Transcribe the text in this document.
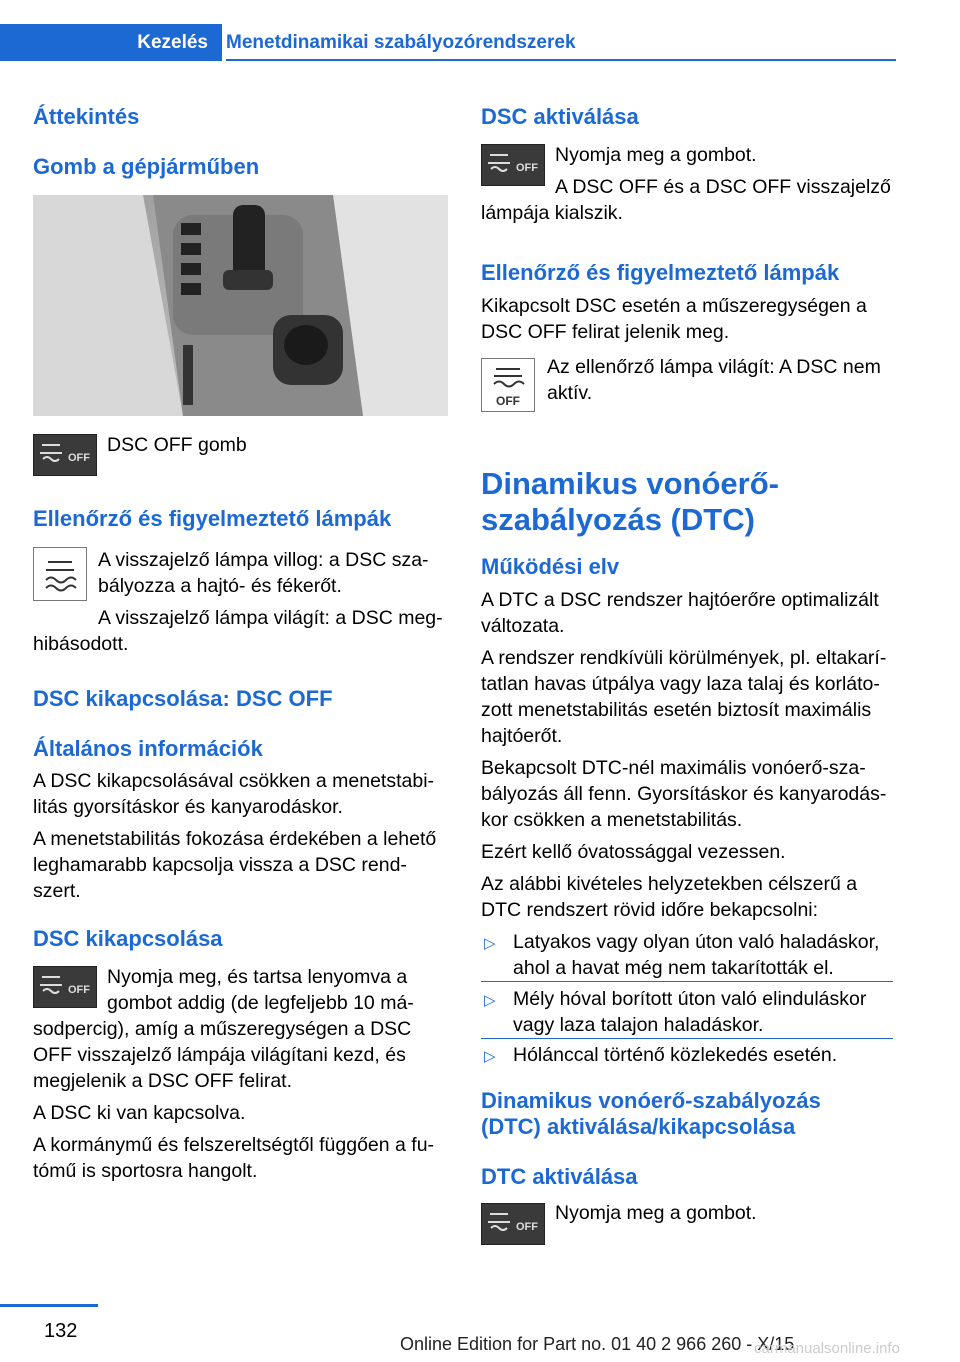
Kezelés Menetdinamikai szabályozórendszerek
Áttekintés
Gomb a gépjárműben
OFF
DSC OFF gomb
Ellenőrző és figyelmeztető lámpák
A visszajelző lámpa villog: a DSC sza-
bályozza a hajtó- és fékerőt.
A visszajelző lámpa világít: a DSC meg-
hibásodott.
DSC kikapcsolása: DSC OFF
Általános információk
A DSC kikapcsolásával csökken a menetstabi-
litás gyorsításkor és kanyarodáskor.
A menetstabilitás fokozása érdekében a lehető
leghamarabb kapcsolja vissza a DSC rend-
szert.
DSC kikapcsolása
OFF
Nyomja meg, és tartsa lenyomva a
gombot addig (de legfeljebb 10 má-
sodpercig), amíg a műszeregységen a DSC
OFF visszajelző lámpája világítani kezd, és
megjelenik a DSC OFF felirat.
A DSC ki van kapcsolva.
A kormánymű és felszereltségtől függően a fu-
tómű is sportosra hangolt.
DSC aktiválása
OFF
Nyomja meg a gombot.
A DSC OFF és a DSC OFF visszajelző
lámpája kialszik.
Ellenőrző és figyelmeztető lámpák
Kikapcsolt DSC esetén a műszeregységen a
DSC OFF felirat jelenik meg.
OFF
Az ellenőrző lámpa világít: A DSC nem
aktív.
Dinamikus vonóerő-
szabályozás (DTC)
Működési elv
A DTC a DSC rendszer hajtóerőre optimalizált
változata.
A rendszer rendkívüli körülmények, pl. eltakarí-
tatlan havas útpálya vagy laza talaj és korláto-
zott menetstabilitás esetén biztosít maximális
hajtóerőt.
Bekapcsolt DTC-nél maximális vonóerő-sza-
bályozás áll fenn. Gyorsításkor és kanyarodás-
kor csökken a menetstabilitás.
Ezért kellő óvatossággal vezessen.
Az alábbi kivételes helyzetekben célszerű a
DTC rendszert rövid időre bekapcsolni:
▷ Latyakos vagy olyan úton való haladáskor,
ahol a havat még nem takarították el.
▷ Mély hóval borított úton való elinduláskor
vagy laza talajon haladáskor.
▷ Hólánccal történő közlekedés esetén.
Dinamikus vonóerő-szabályozás
(DTC) aktiválása/kikapcsolása
DTC aktiválása
OFF
Nyomja meg a gombot.
132
Online Edition for Part no. 01 40 2 966 260 - X/15
carmanualsonline.info
